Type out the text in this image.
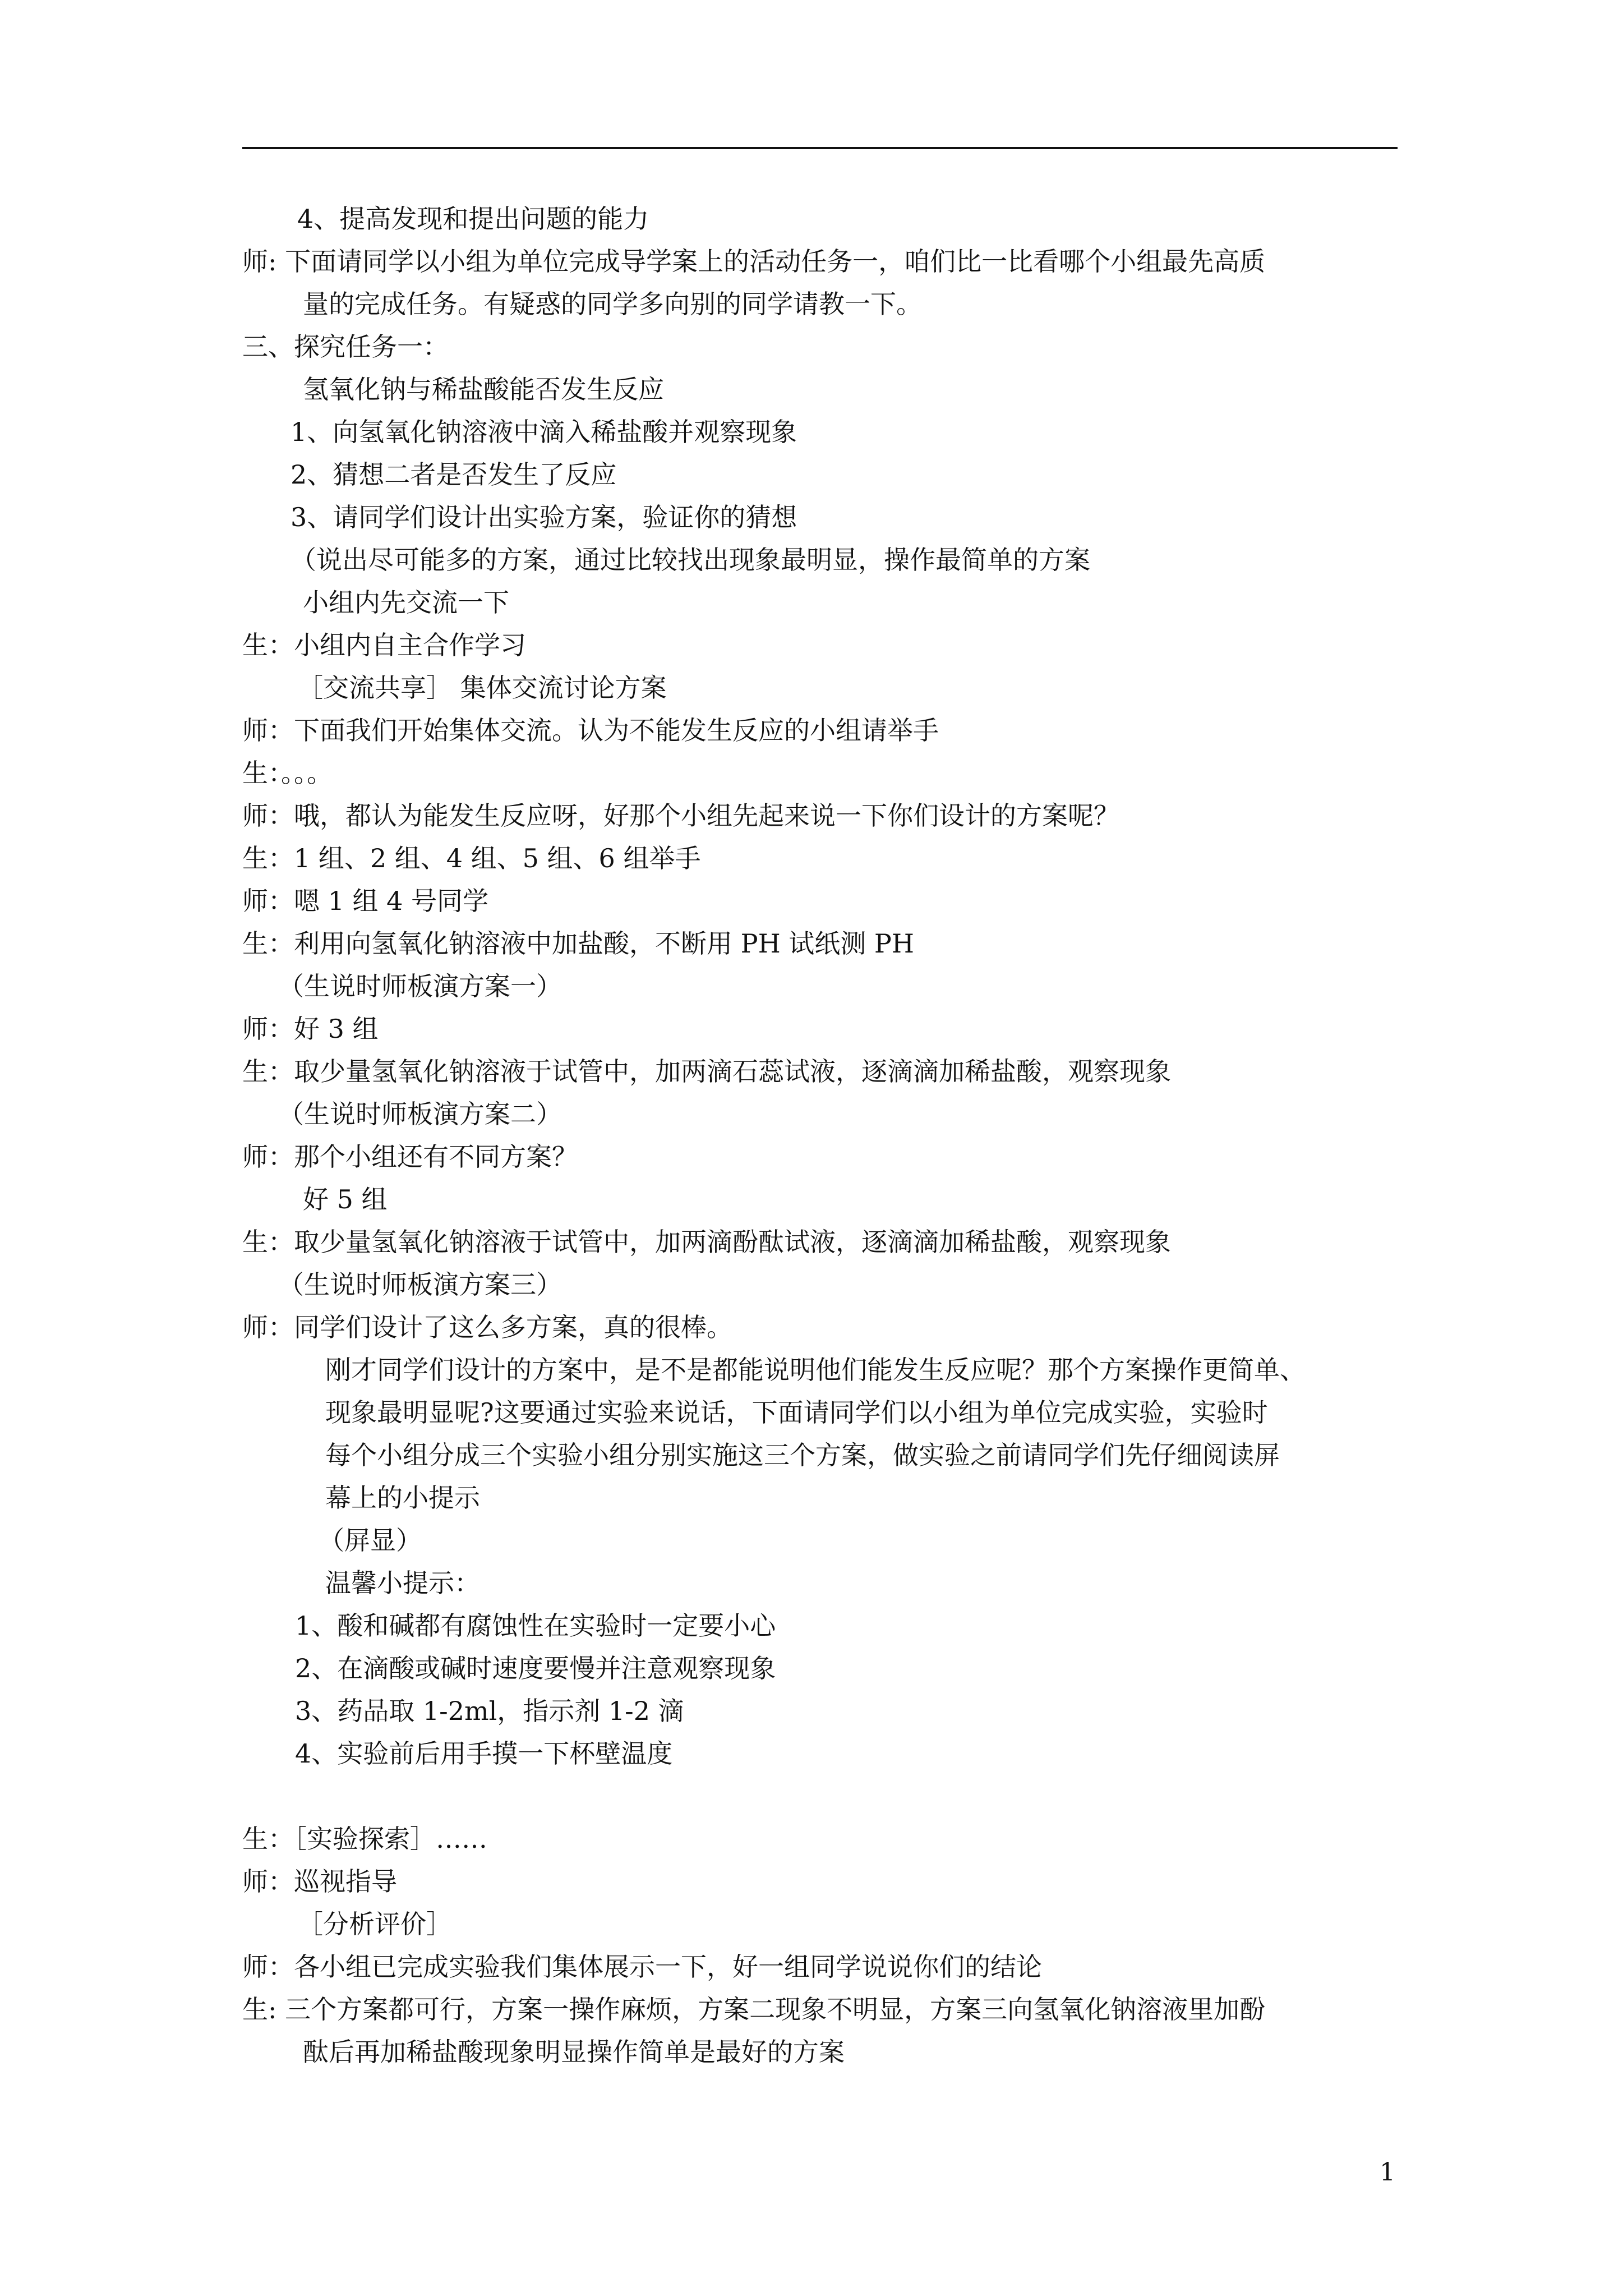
4、提高发现和提出问题的能力
师: 下面请同学以小组为单位完成导学案上的活动任务一，咱们比一比看哪个小组最先高质
量的完成任务。有疑惑的同学多向别的同学请教一下。
三、探究任务一：
氢氧化钠与稀盐酸能否发生反应
1、向氢氧化钠溶液中滴入稀盐酸并观察现象
2、猜想二者是否发生了反应
3、请同学们设计出实验方案，验证你的猜想
（说出尽可能多的方案，通过比较找出现象最明显，操作最简单的方案
小组内先交流一下
生：小组内自主合作学习
［交流共享］ 集体交流讨论方案
师：下面我们开始集体交流。认为不能发生反应的小组请举手
生：。。。
师：哦，都认为能发生反应呀，好那个小组先起来说一下你们设计的方案呢？
生：1 组、2 组、4 组、5 组、6 组举手
师：嗯 1 组 4 号同学
生：利用向氢氧化钠溶液中加盐酸，不断用 PH 试纸测 PH
（生说时师板演方案一）
师：好 3 组
生：取少量氢氧化钠溶液于试管中，加两滴石蕊试液，逐滴滴加稀盐酸，观察现象
（生说时师板演方案二）
师：那个小组还有不同方案？
好 5 组
生：取少量氢氧化钠溶液于试管中，加两滴酚酞试液，逐滴滴加稀盐酸，观察现象
（生说时师板演方案三）
师：同学们设计了这么多方案，真的很棒。
刚才同学们设计的方案中，是不是都能说明他们能发生反应呢？那个方案操作更简单、
现象最明显呢?这要通过实验来说话，下面请同学们以小组为单位完成实验，实验时
每个小组分成三个实验小组分别实施这三个方案，做实验之前请同学们先仔细阅读屏
幕上的小提示
（屏显）
温馨小提示：
1、酸和碱都有腐蚀性在实验时一定要小心
2、在滴酸或碱时速度要慢并注意观察现象
3、药品取 1-2ml，指示剂 1-2 滴
4、实验前后用手摸一下杯壁温度
生：［实验探索］……
师：巡视指导
［分析评价］
师：各小组已完成实验我们集体展示一下，好一组同学说说你们的结论
生: 三个方案都可行，方案一操作麻烦，方案二现象不明显，方案三向氢氧化钠溶液里加酚
酞后再加稀盐酸现象明显操作简单是最好的方案
1
